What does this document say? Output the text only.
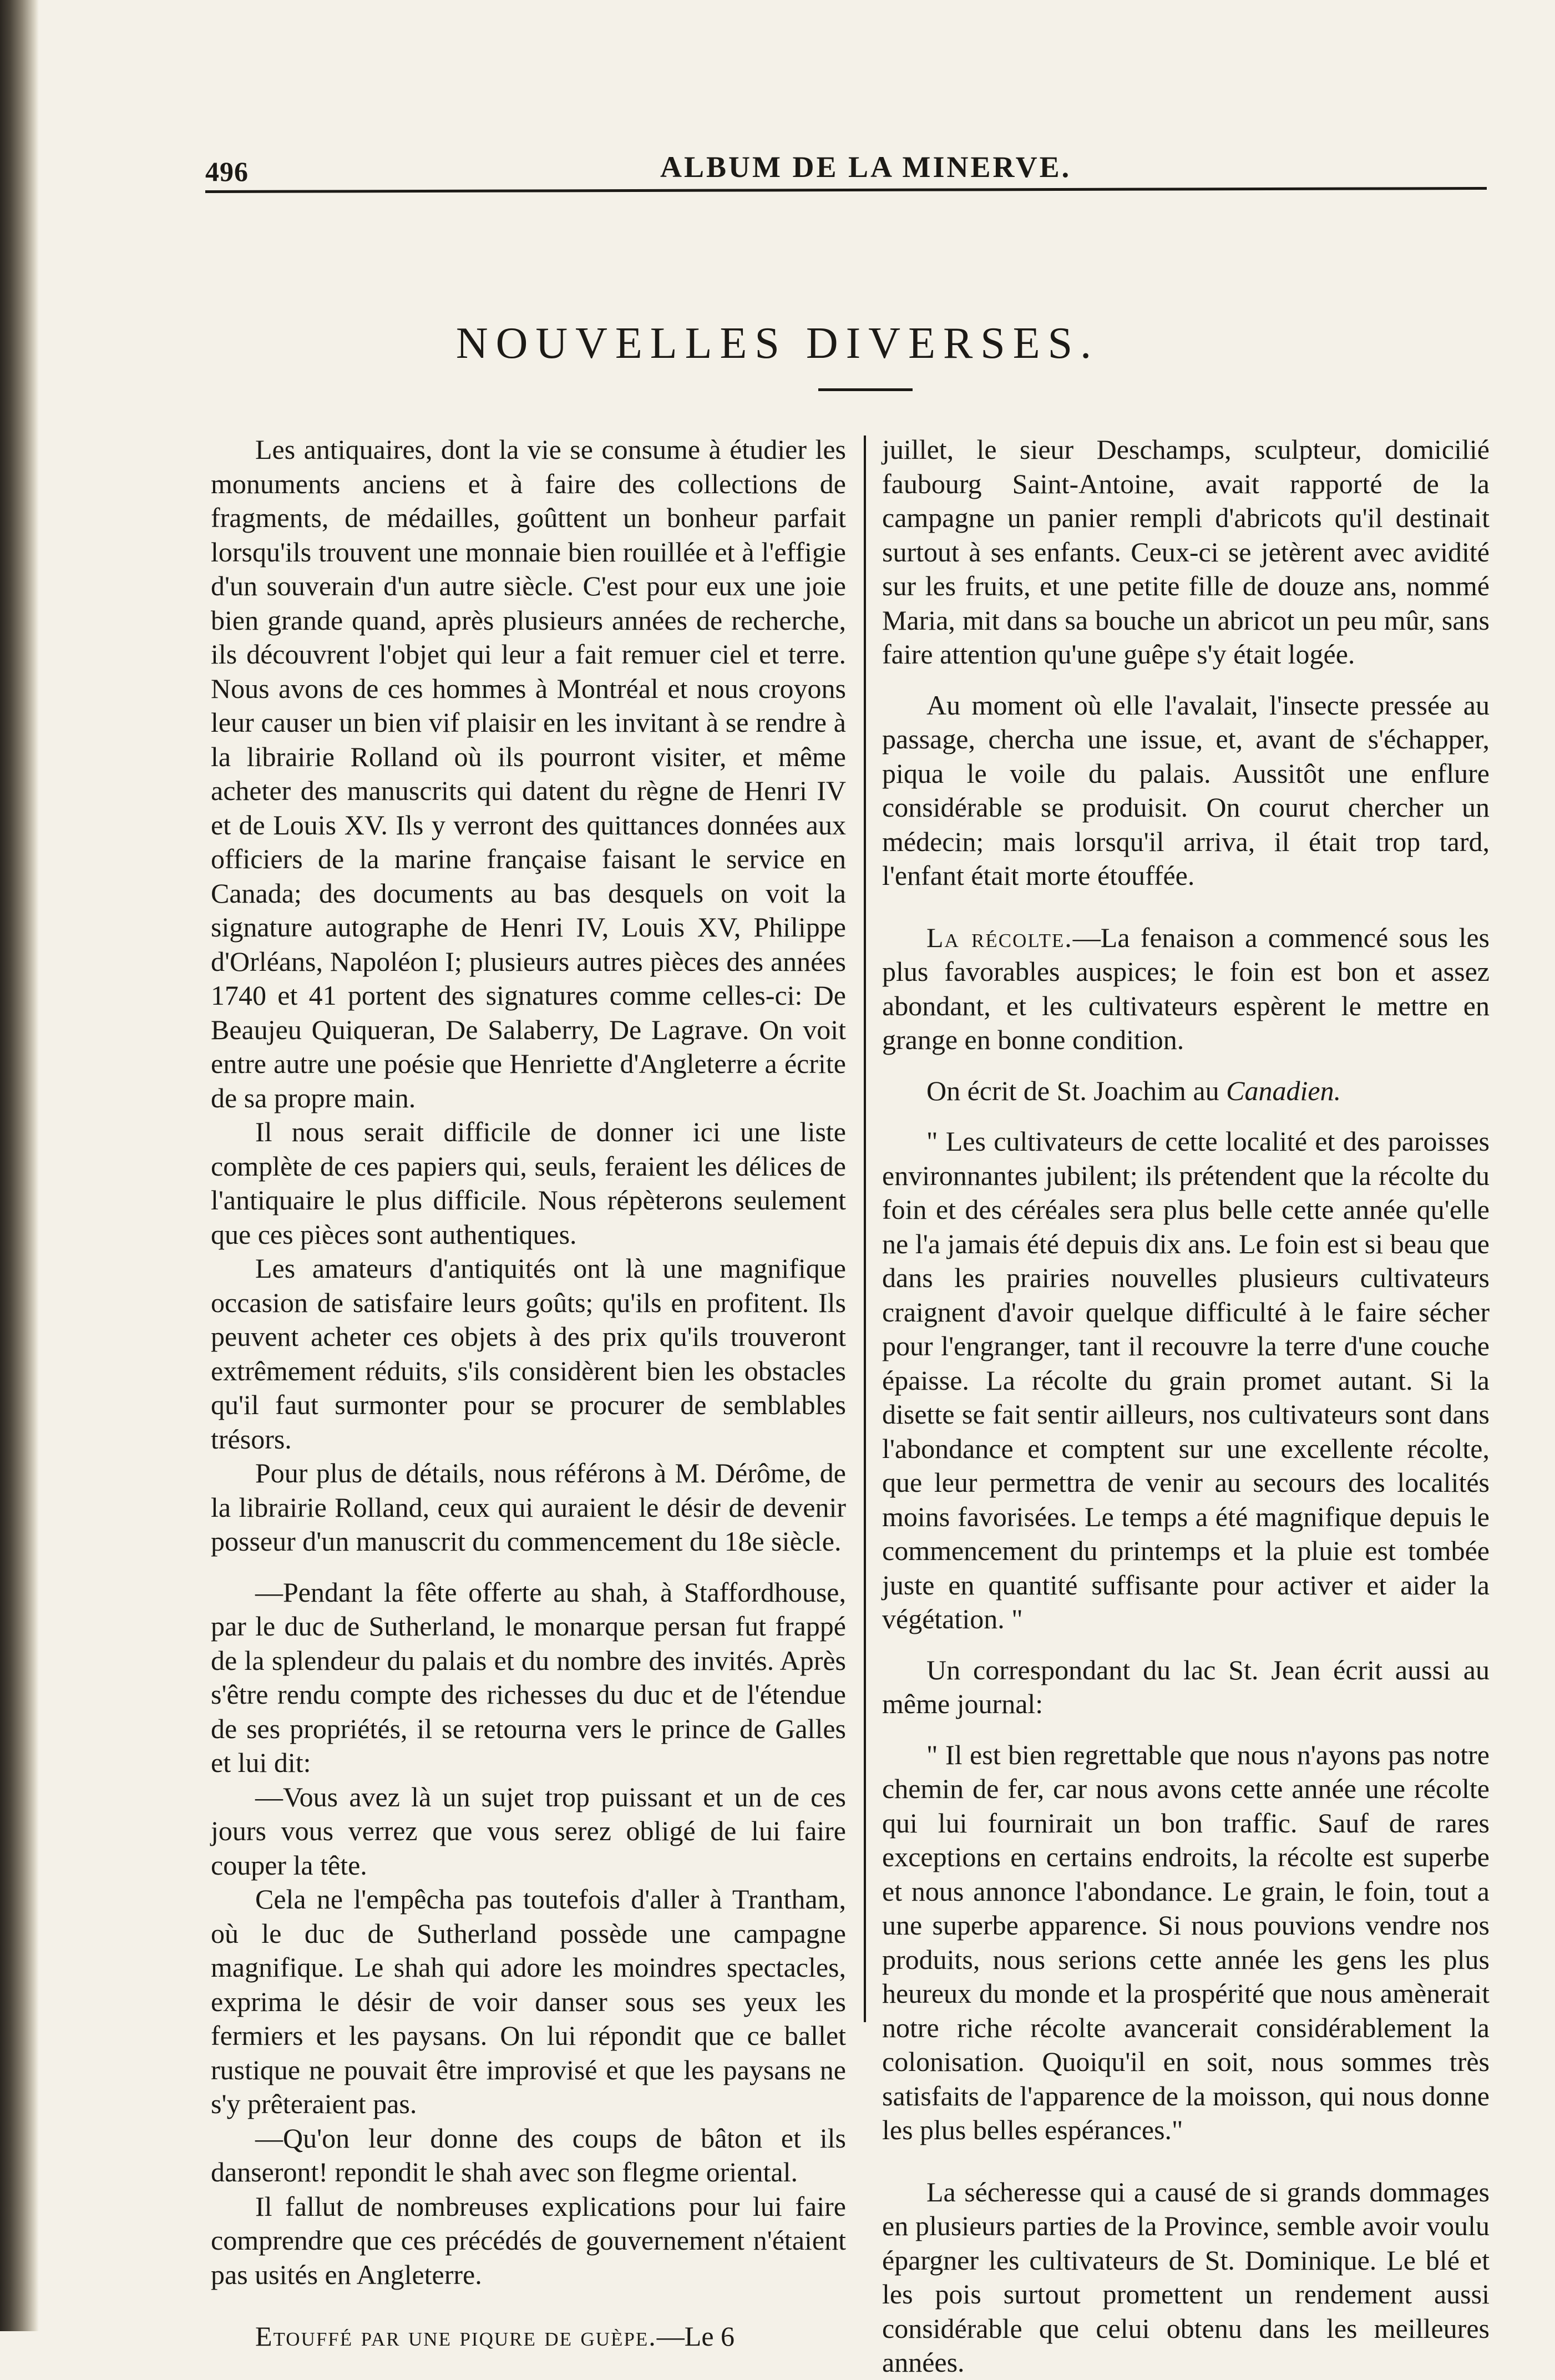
496	ALBUM DE LA MINERVE.
NOUVELLES DIVERSES.

Les antiquaires, dont la vie se consume à étudier les monuments anciens et à faire des collections de fragments, de médailles, goûttent un bonheur parfait lorsqu'ils trouvent une monnaie bien rouillée et à l'effigie d'un souverain d'un autre siècle. C'est pour eux une joie bien grande quand, après plusieurs années de recherche, ils découvrent l'objet qui leur a fait remuer ciel et terre. Nous avons de ces hommes à Montréal et nous croyons leur causer un bien vif plaisir en les invitant à se rendre à la librairie Rolland où ils pourront visiter, et même acheter des manuscrits qui datent du règne de Henri IV et de Louis XV. Ils y verront des quittances données aux officiers de la marine française faisant le service en Canada; des documents au bas desquels on voit la signature autographe de Henri IV, Louis XV, Philippe d'Orléans, Napoléon I; plusieurs autres pièces des années 1740 et 41 portent des signatures comme celles-ci: De Beaujeu Quiqueran, De Salaberry, De Lagrave. On voit entre autre une poésie que Henriette d'Angleterre a écrite de sa propre main.

Il nous serait difficile de donner ici une liste complète de ces papiers qui, seuls, feraient les délices de l'antiquaire le plus difficile. Nous répèterons seulement que ces pièces sont authentiques.

Les amateurs d'antiquités ont là une magnifique occasion de satisfaire leurs goûts; qu'ils en profitent. Ils peuvent acheter ces objets à des prix qu'ils trouveront extrêmement réduits, s'ils considèrent bien les obstacles qu'il faut surmonter pour se procurer de semblables trésors.

Pour plus de détails, nous référons à M. Dérôme, de la librairie Rolland, ceux qui auraient le désir de devenir posseur d'un manuscrit du commencement du 18e siècle.

—Pendant la fête offerte au shah, à Staffordhouse, par le duc de Sutherland, le monarque persan fut frappé de la splendeur du palais et du nombre des invités. Après s'être rendu compte des richesses du duc et de l'étendue de ses propriétés, il se retourna vers le prince de Galles et lui dit:

—Vous avez là un sujet trop puissant et un de ces jours vous verrez que vous serez obligé de lui faire couper la tête.

Cela ne l'empêcha pas toutefois d'aller à Trantham, où le duc de Sutherland possède une campagne magnifique. Le shah qui adore les moindres spectacles, exprima le désir de voir danser sous ses yeux les fermiers et les paysans. On lui répondit que ce ballet rustique ne pouvait être improvisé et que les paysans ne s'y prêteraient pas.

—Qu'on leur donne des coups de bâton et ils danseront! repondit le shah avec son flegme oriental.

Il fallut de nombreuses explications pour lui faire comprendre que ces précédés de gouvernement n'étaient pas usités en Angleterre.

Etouffé par une piqure de guèpe.—Le 6

juillet, le sieur Deschamps, sculpteur, domicilié faubourg Saint-Antoine, avait rapporté de la campagne un panier rempli d'abricots qu'il destinait surtout à ses enfants. Ceux-ci se jetèrent avec avidité sur les fruits, et une petite fille de douze ans, nommé Maria, mit dans sa bouche un abricot un peu mûr, sans faire attention qu'une guêpe s'y était logée.

Au moment où elle l'avalait, l'insecte pressée au passage, chercha une issue, et, avant de s'échapper, piqua le voile du palais. Aussitôt une enflure considérable se produisit. On courut chercher un médecin; mais lorsqu'il arriva, il était trop tard, l'enfant était morte étouffée.

La récolte.—La fenaison a commencé sous les plus favorables auspices; le foin est bon et assez abondant, et les cultivateurs espèrent le mettre en grange en bonne condition.

On écrit de St. Joachim au Canadien.

" Les cultivateurs de cette localité et des paroisses environnantes jubilent; ils prétendent que la récolte du foin et des céréales sera plus belle cette année qu'elle ne l'a jamais été depuis dix ans. Le foin est si beau que dans les prairies nouvelles plusieurs cultivateurs craignent d'avoir quelque difficulté à le faire sécher pour l'engranger, tant il recouvre la terre d'une couche épaisse. La récolte du grain promet autant. Si la disette se fait sentir ailleurs, nos cultivateurs sont dans l'abondance et comptent sur une excellente récolte, que leur permettra de venir au secours des localités moins favorisées. Le temps a été magnifique depuis le commencement du printemps et la pluie est tombée juste en quantité suffisante pour activer et aider la végétation. "

Un correspondant du lac St. Jean écrit aussi au même journal:

" Il est bien regrettable que nous n'ayons pas notre chemin de fer, car nous avons cette année une récolte qui lui fournirait un bon traffic. Sauf de rares exceptions en certains endroits, la récolte est superbe et nous annonce l'abondance. Le grain, le foin, tout a une superbe apparence. Si nous pouvions vendre nos produits, nous serions cette année les gens les plus heureux du monde et la prospérité que nous amènerait notre riche récolte avancerait considérablement la colonisation. Quoiqu'il en soit, nous sommes très satisfaits de l'apparence de la moisson, qui nous donne les plus belles espérances."

La sécheresse qui a causé de si grands dommages en plusieurs parties de la Province, semble avoir voulu épargner les cultivateurs de St. Dominique. Le blé et les pois surtout promettent un rendement aussi considérable que celui obtenu dans les meilleures années.
